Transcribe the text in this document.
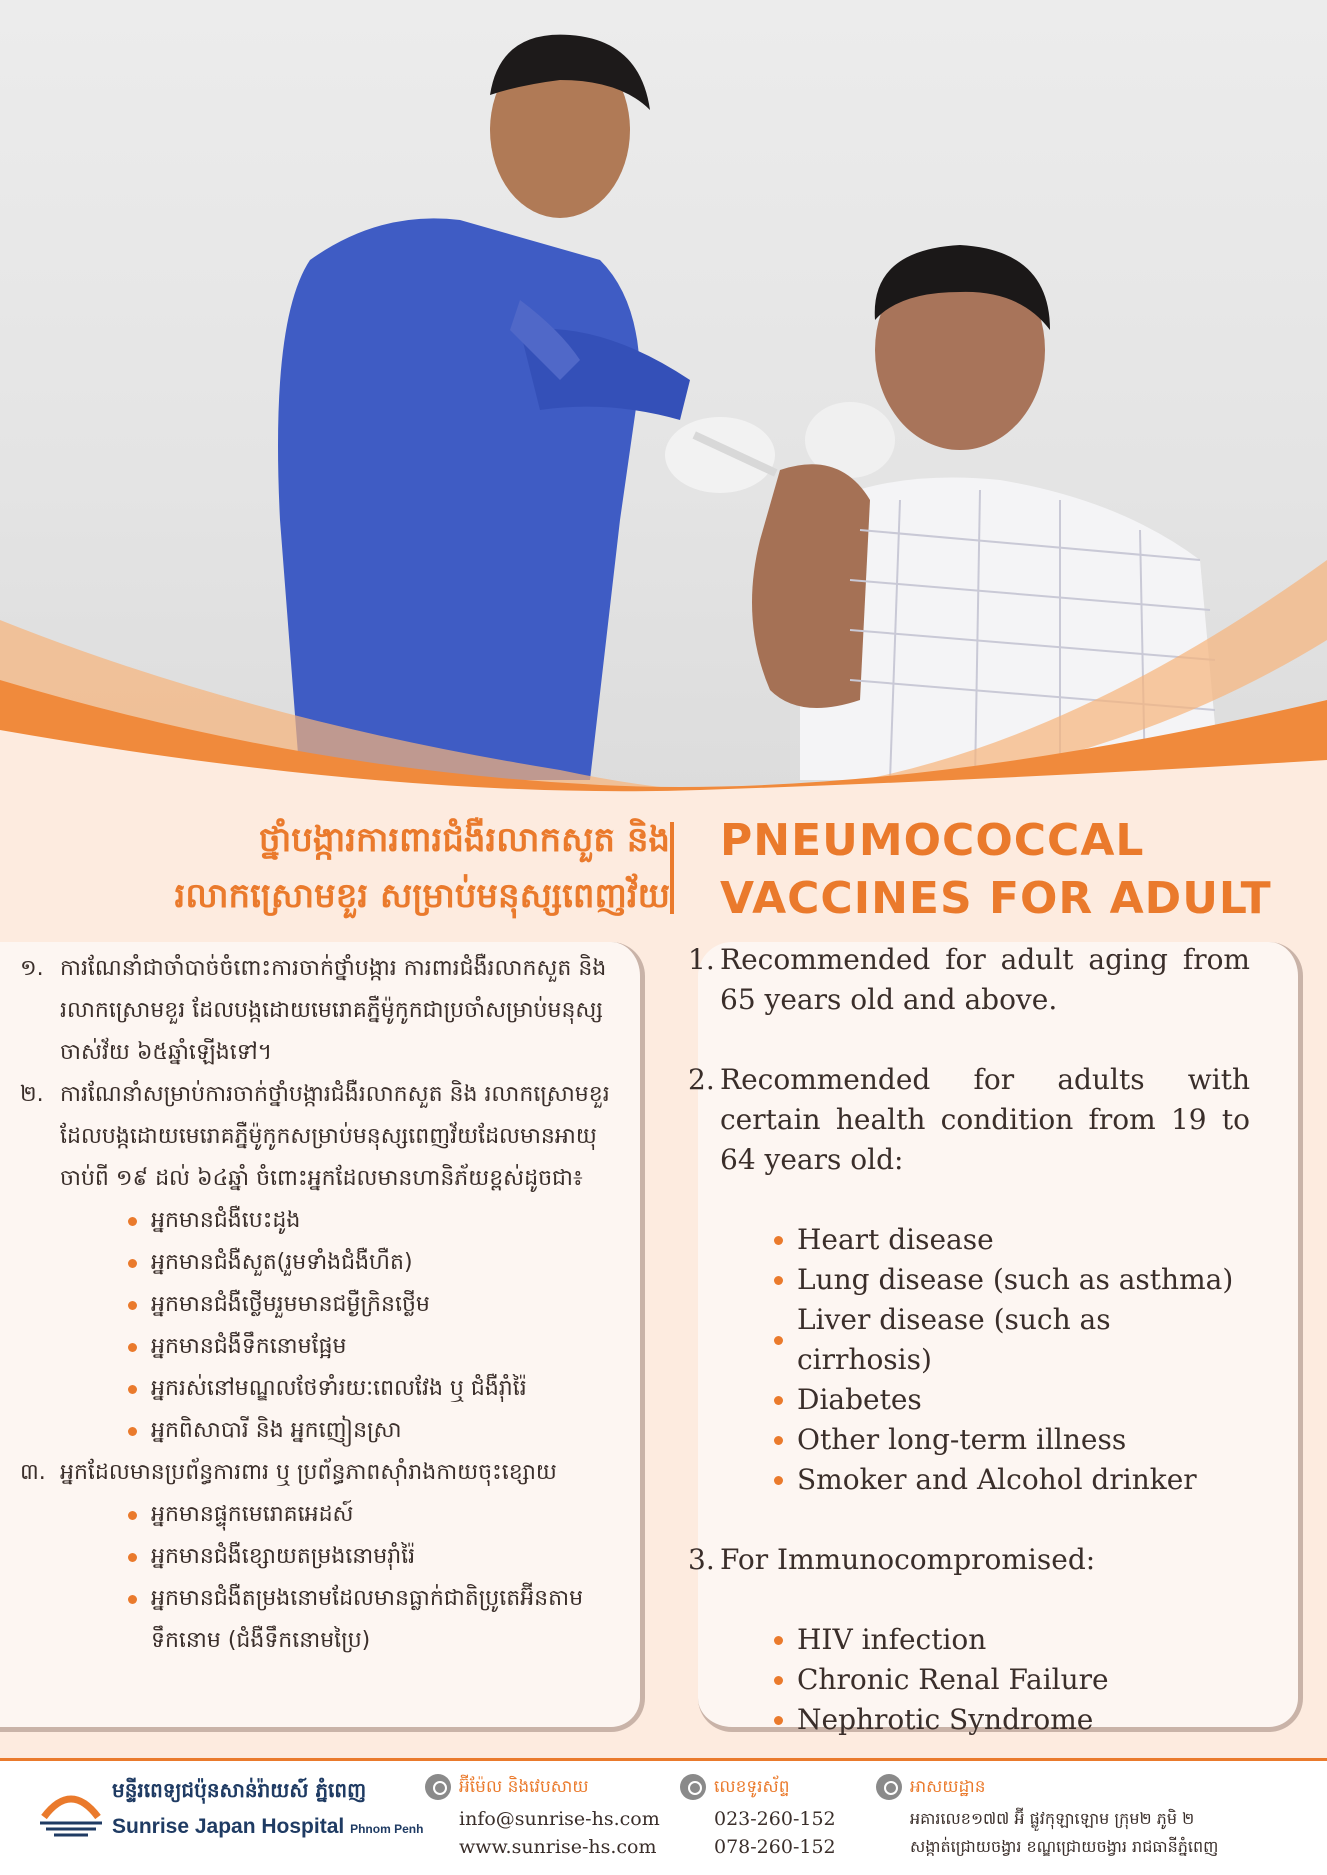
ថ្នាំបង្ការការពារជំងឺរលាកសួត និង
រលាកស្រោមខួរ សម្រាប់មនុស្សពេញវ័យ
PNEUMOCOCCAL
VACCINES FOR ADULT
១. ការណែនាំជាចាំបាច់ចំពោះការចាក់ថ្នាំបង្ការ ការពារជំងឺរលាកសួត និង រលាកស្រោមខួរ ដែលបង្កដោយមេរោគភ្នឺម៉ូកូកជាប្រចាំសម្រាប់មនុស្សចាស់វ័យ ៦៥ឆ្នាំឡើងទៅ។
២. ការណែនាំសម្រាប់ការចាក់ថ្នាំបង្ការជំងឺរលាកសួត និង រលាកស្រោមខួរ ដែលបង្កដោយមេរោគភ្នឺម៉ូកូកសម្រាប់មនុស្សពេញវ័យដែលមានអាយុចាប់ពី ១៩ ដល់ ៦៤ឆ្នាំ ចំពោះអ្នកដែលមានហានិភ័យខ្ពស់ដូចជា៖
អ្នកមានជំងឺបេះដូង
អ្នកមានជំងឺសួត(រួមទាំងជំងឺហឺត)
អ្នកមានជំងឺថ្លើមរួមមានជម្ងឺក្រិនថ្លើម
អ្នកមានជំងឺទឹកនោមផ្អែម
អ្នករស់នៅមណ្ឌលថែទាំរយៈពេលវែង ឬ ជំងឺរ៉ាំរ៉ៃ
អ្នកពិសាបារី និង អ្នកញៀនស្រា
៣. អ្នកដែលមានប្រព័ន្ធការពារ ឬ ប្រព័ន្ធភាពស៊ាំរាងកាយចុះខ្សោយ
អ្នកមានផ្ទុកមេរោគអេដស៍
អ្នកមានជំងឺខ្សោយតម្រងនោមរ៉ាំរ៉ៃ
អ្នកមានជំងឺតម្រងនោមដែលមានធ្លាក់ជាតិប្រូតេអ៊ីនតាមទឹកនោម (ជំងឺទឹកនោមប្រៃ)
1. Recommended for adult aging from 65 years old and above.
2. Recommended for adults with certain health condition from 19 to 64 years old:
Heart disease
Lung disease (such as asthma)
Liver disease (such as cirrhosis)
Diabetes
Other long-term illness
Smoker and Alcohol drinker
3. For Immunocompromised:
HIV infection
Chronic Renal Failure
Nephrotic Syndrome
មន្ទីរពេទ្យជប៉ុនសាន់រ៉ាយស៍ ភ្នំពេញ
Sunrise Japan Hospital Phnom Penh
អ៊ីម៉ែល និងវេបសាយ
info@sunrise-hs.com
www.sunrise-hs.com
លេខទូរស័ព្ទ
023-260-152
078-260-152
អាសយដ្ឋាន
អគារលេខ១៧៧ អ៊ី ផ្លូវកុឡាឡោម ក្រុម២ ភូមិ ២
សង្កាត់ជ្រោយចង្វារ ខណ្ឌជ្រោយចង្វារ រាជធានីភ្នំពេញ
